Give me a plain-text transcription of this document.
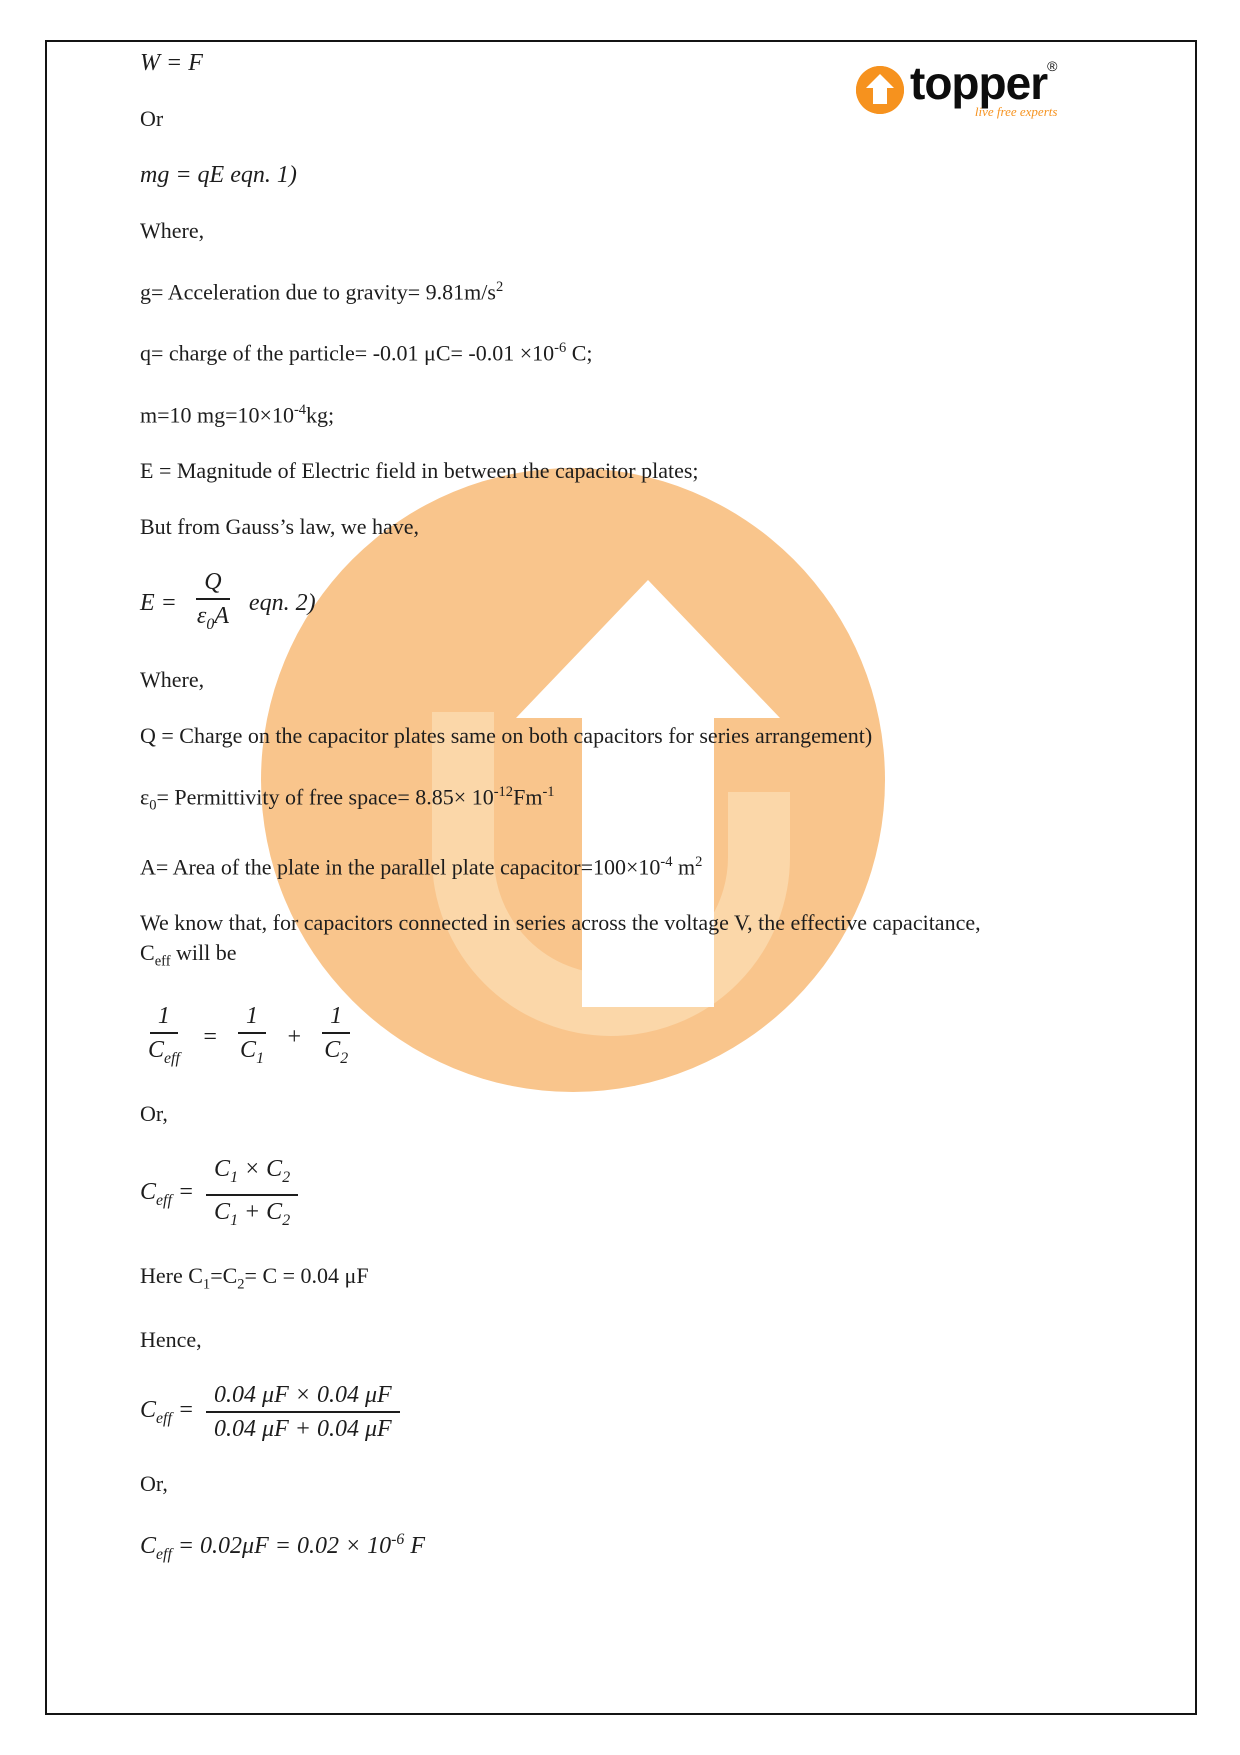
topper ®
live free experts

W = F

Or

mg = qE eqn. 1)

Where,

g= Acceleration due to gravity= $9.81m/s^2$

q= charge of the particle= -0.01 $\mu C= -0.01 \times 10^{-6}$ C;

m=10 $mg=10\times 10^{-4}kg$;

E = Magnitude of Electric field in between the capacitor plates;

But from Gauss’s law, we have,

$E = \frac{Q}{\varepsilon_0A}$ eqn. 2)

Where,

Q = Charge on the capacitor plates same on both capacitors for series arrangement)

$\varepsilon_0=$ Permittivity of free space= $8.85\times 10^{-12}Fm^{-1}$

A= Area of the plate in the parallel plate $capacitor=100\times 10^{-4}$ $m^2$

We know that, for capacitors connected in series across the voltage V, the effective capacitance, $C_{eff}$ will be

$\frac{1}{C_{eff}} = \frac{1}{C_1} + \frac{1}{C_2}$

Or,

$C_{eff} = \frac{C_1 \times C_2}{C_1 + C_2}$

Here $C_1=C_2= C = 0.04$ μF

Hence,

$C_{eff} = \frac{0.04 \mu F \times 0.04 \mu F}{0.04 \mu F + 0.04 \mu F}$

Or,

$C_{eff} = 0.02\mu F = 0.02 \times 10^{-6}$ F
